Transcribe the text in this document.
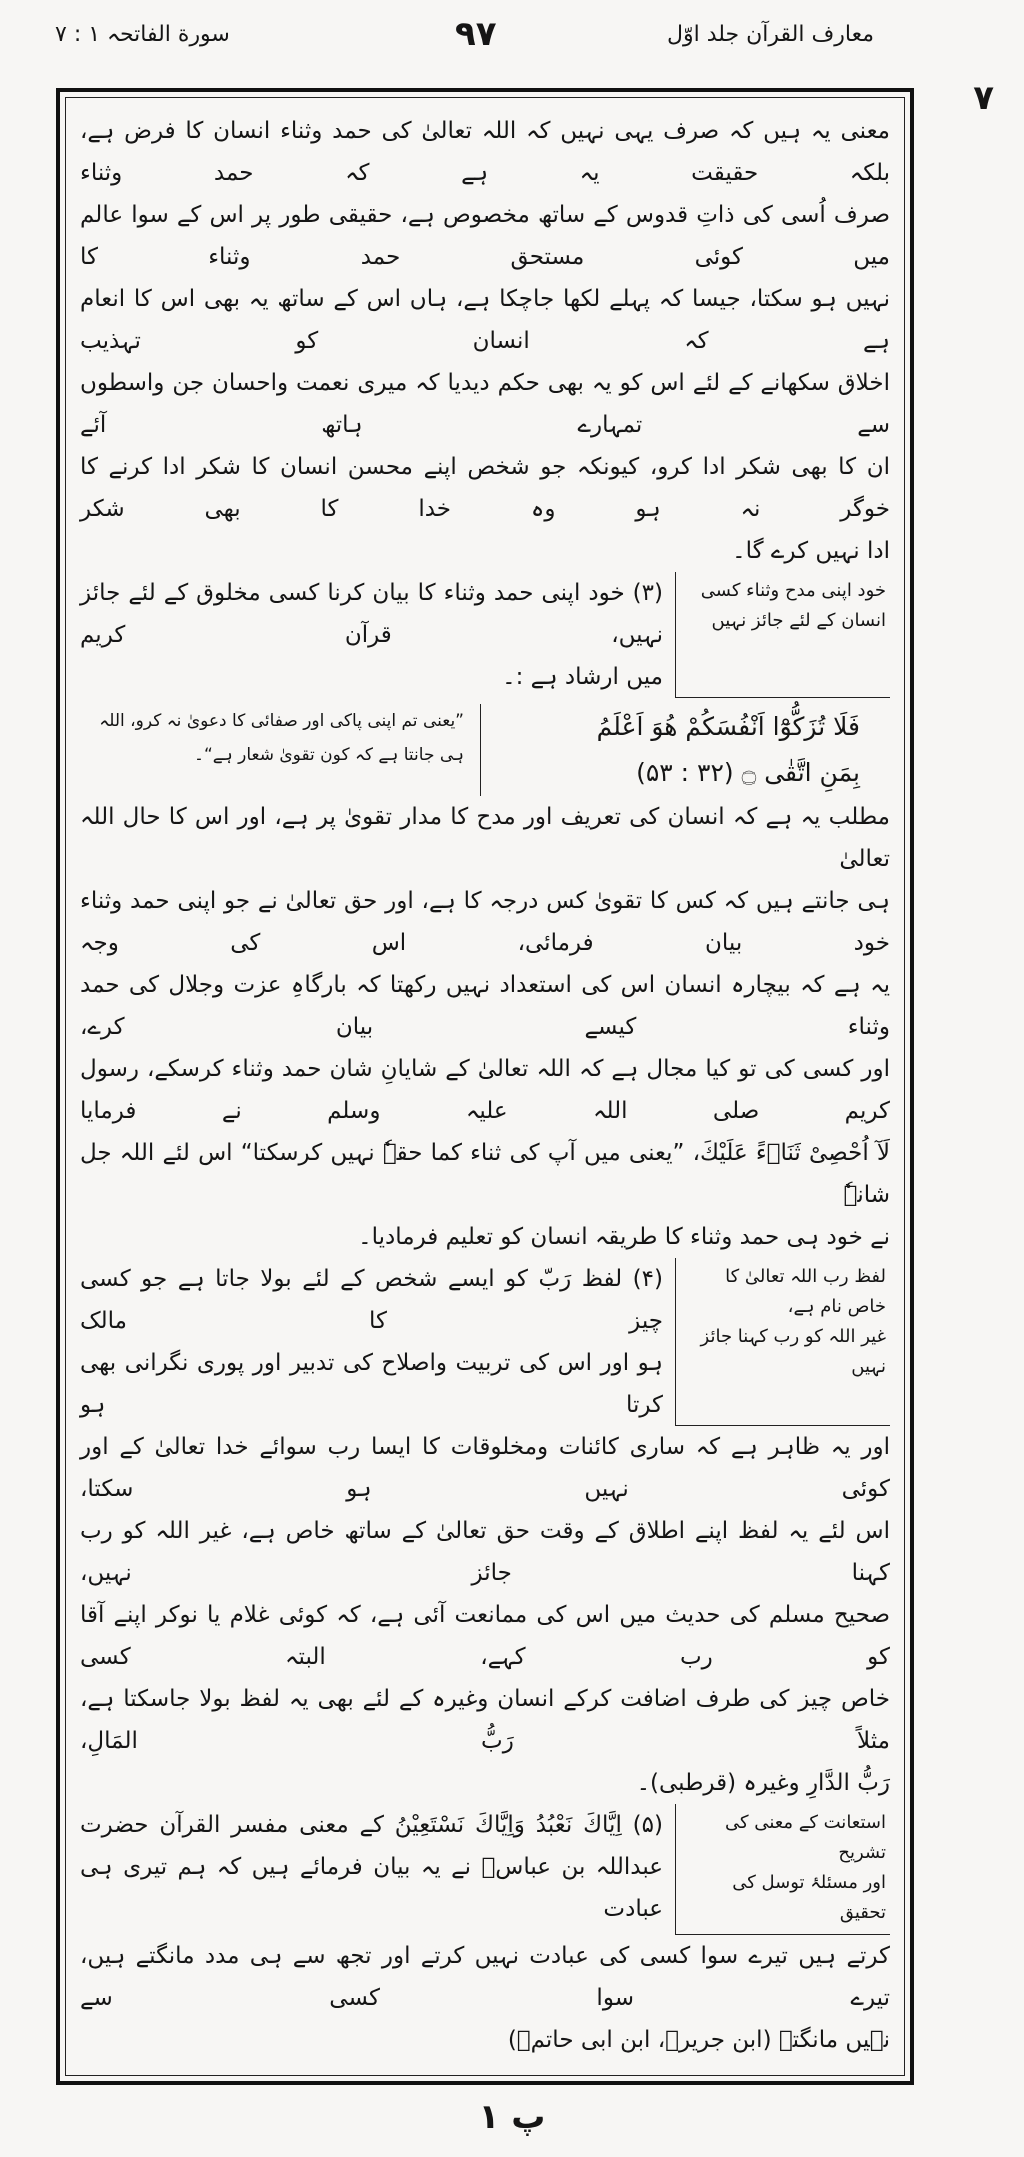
معارف القرآن جلد اوّل
۹۷
سورة الفاتحہ ۱ : ۷
۷
معنی یہ ہیں کہ صرف یہی نہیں کہ اللہ تعالیٰ کی حمد وثناء انسان کا فرض ہے، بلکہ حقیقت یہ ہے کہ حمد وثناء
صرف اُسی کی ذاتِ قدوس کے ساتھ مخصوص ہے، حقیقی طور پر اس کے سوا عالم میں کوئی مستحق حمد وثناء کا
نہیں ہو سکتا، جیسا کہ پہلے لکھا جاچکا ہے، ہاں اس کے ساتھ یہ بھی اس کا انعام ہے کہ انسان کو تہذیب
اخلاق سکھانے کے لئے اس کو یہ بھی حکم دیدیا کہ میری نعمت واحسان جن واسطوں سے تمہارے ہاتھ آئے
ان کا بھی شکر ادا کرو، کیونکہ جو شخص اپنے محسن انسان کا شکر ادا کرنے کا خوگر نہ ہو وہ خدا کا بھی شکر
ادا نہیں کرے گا۔
خود اپنی مدح وثناء کسی
انسان کے لئے جائز نہیں
(۳) خود اپنی حمد وثناء کا بیان کرنا کسی مخلوق کے لئے جائز نہیں، قرآن کریم
میں ارشاد ہے :۔
فَلَا تُزَكُّوْٓا اَنْفُسَكُمْ هُوَ اَعْلَمُ
بِمَنِ اتَّقٰى ۝ (۳۲ : ۵۳)
”یعنی تم اپنی پاکی اور صفائی کا دعویٰ نہ کرو، اللہ
ہی جانتا ہے کہ کون تقویٰ شعار ہے“۔
مطلب یہ ہے کہ انسان کی تعریف اور مدح کا مدار تقویٰ پر ہے، اور اس کا حال اللہ تعالیٰ
ہی جانتے ہیں کہ کس کا تقویٰ کس درجہ کا ہے، اور حق تعالیٰ نے جو اپنی حمد وثناء خود بیان فرمائی، اس کی وجہ
یہ ہے کہ بیچارہ انسان اس کی استعداد نہیں رکھتا کہ بارگاہِ عزت وجلال کی حمد وثناء کیسے بیان کرے،
اور کسی کی تو کیا مجال ہے کہ اللہ تعالیٰ کے شایانِ شان حمد وثناء کرسکے، رسول کریم صلی اللہ علیہ وسلم نے فرمایا
لَآ اُحْصِیْ ثَنَاۗءً عَلَیْكَ، ”یعنی میں آپ کی ثناء کما حقہٗ نہیں کرسکتا“ اس لئے اللہ جل شانہٗ
نے خود ہی حمد وثناء کا طریقہ انسان کو تعلیم فرمادیا۔
لفظ رب اللہ تعالیٰ کا خاص نام ہے،
غیر اللہ کو رب کہنا جائز نہیں
(۴) لفظ رَبّ کو ایسے شخص کے لئے بولا جاتا ہے جو کسی چیز کا مالک
ہو اور اس کی تربیت واصلاح کی تدبیر اور پوری نگرانی بھی کرتا ہو
اور یہ ظاہر ہے کہ ساری کائنات ومخلوقات کا ایسا رب سوائے خدا تعالیٰ کے اور کوئی نہیں ہو سکتا،
اس لئے یہ لفظ اپنے اطلاق کے وقت حق تعالیٰ کے ساتھ خاص ہے، غیر اللہ کو رب کہنا جائز نہیں،
صحیح مسلم کی حدیث میں اس کی ممانعت آئی ہے، کہ کوئی غلام یا نوکر اپنے آقا کو رب کہے، البتہ کسی
خاص چیز کی طرف اضافت کرکے انسان وغیرہ کے لئے بھی یہ لفظ بولا جاسکتا ہے، مثلاً رَبُّ المَالِ،
رَبُّ الدَّارِ وغیرہ (قرطبی)۔
استعانت کے معنی کی تشریح
اور مسئلۂ توسل کی تحقیق
(۵) اِیَّاكَ نَعْبُدُ وَاِیَّاكَ نَسْتَعِیْنُ کے معنی مفسر القرآن حضرت
عبداللہ بن عباسؓ نے یہ بیان فرمائے ہیں کہ ہم تیری ہی عبادت
کرتے ہیں تیرے سوا کسی کی عبادت نہیں کرتے اور تجھ سے ہی مدد مانگتے ہیں، تیرے سوا کسی سے
نہیں مانگتے (ابن جریرؒ، ابن ابی حاتمؒ)
پ ۱
